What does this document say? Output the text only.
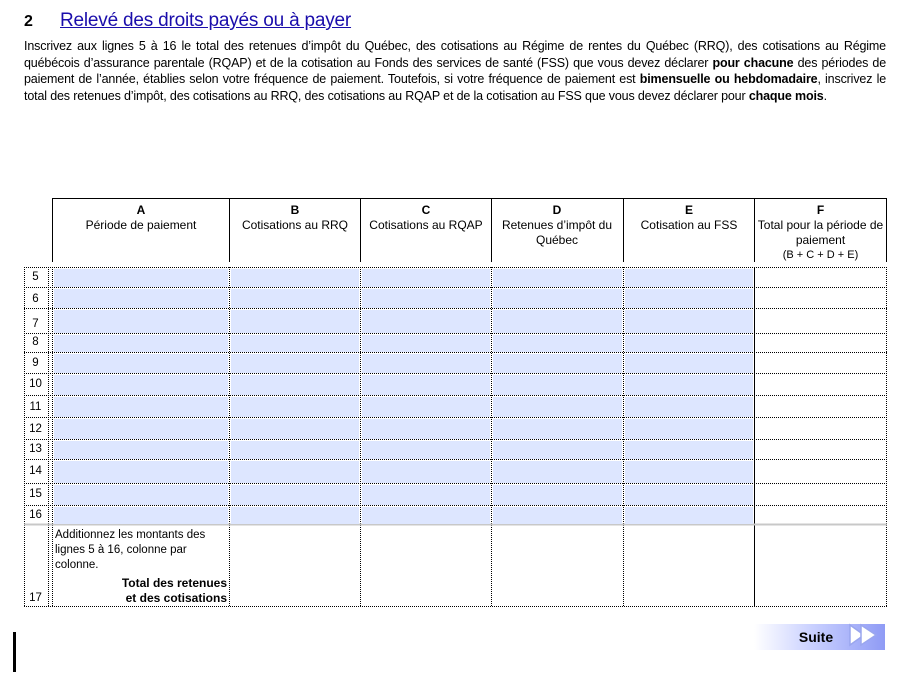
2	Relevé des droits payés ou à payer
Inscrivez aux lignes 5 à 16 le total des retenues d’impôt du Québec, des cotisations au Régime de rentes du Québec (RRQ), des cotisations au Régime québécois d’assurance parentale (RQAP) et de la cotisation au Fonds des services de santé (FSS) que vous devez déclarer pour chacune des périodes de paiement de l’année, établies selon votre fréquence de paiement. Toutefois, si votre fréquence de paiement est bimensuelle ou hebdomadaire, inscrivez le total des retenues d’impôt, des cotisations au RRQ, des cotisations au RQAP et de la cotisation au FSS que vous devez déclarer pour chaque mois.
A
Période de paiement
B
Cotisations au RRQ
C
Cotisations au RQAP
D
Retenues d’impôt du Québec
E
Cotisation au FSS
F
Total pour la période de paiement
(B + C + D + E)
5
6
7
8
9
10
11
12
13
14
15
16
17
Additionnez les montants des lignes 5 à 16, colonne par colonne.
Total des retenues
et des cotisations
Suite
